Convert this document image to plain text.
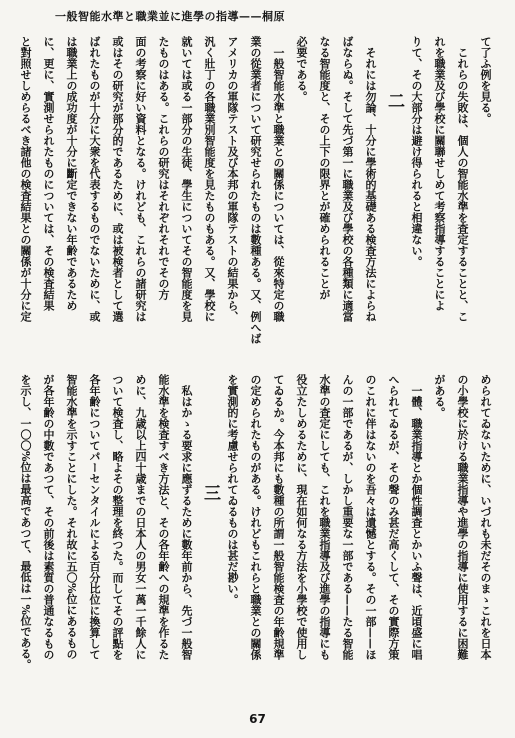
一般智能水準と職業並に進學の指導——桐原
て了ふ例を見る。
これらの失敗は、個人の智能水準を査定することと、こ
れを職業及び學校に關聯せしめて考察指導することによ
りて、その大部分は避け得られると相違ない。
二
それには勿論、十分に學術的基礎ある検査方法によらね
ばならぬ。そして先づ第一に職業及び學校の各種類に適當
なる智能度と、その上下の限界とが確められることが
必要である。
一般智能水準と職業との關係については、從來特定の職
業の從業者について研究せられたものは數種ある。又、例へば
アメリカの軍隊テスト及び本邦の軍隊テストの結果から、
汎く壯丁の各職業別智能度を見たものもある。又、學校に
就いては或る一部分の生徒、學生についてその智能度を見
たものはある。これらの研究はそれぞれそれでその方
面の考察に好い資料となる。けれども、これらの諸研究は
或はその研究が部分的であるために、或は被検者として選
ばれたものが十分に大衆を代表するものでないために、或
は職業上の成功度が十分に斷定できない年齢であるため
に、更に、實測せられたものについては、その検査結果
と對照せしめらるべき諸他の検査結果との關係が十分に定
められてゐないために、いづれも未だそのまゝこれを日本
の小學校に於ける職業指導や進學の指導に使用するに困難
がある。
一體、職業指導とか個性調査とかいふ聲は、近頃盛に唱
へられてゐるが、その聲のみ甚だ高くして、その實際方策
のこれに伴はないのを吾々は遺憾とする。その一部——ほ
んの一部であるが、しかし重要な一部である——たる智能
水準の査定にしても、これを職業指導及び進學の指導にも
役立たしめるために、現在如何なる方法を小學校で使用し
てゐるか。今本邦にも數種の所謂一般智能検査の年齢規準
の定められたものがある。けれどもこれらと職業との關係
を實測的に考慮せられてゐるものは甚だ尠い。
三
私はかゝる要求に應ずるために數年前から、先づ一般智
能水準を検査すべき方法と、その各年齢への規準を作るた
めに、九歳以上四十歳までの日本人の男女一萬一千餘人に
ついて検査し、略よその整理を終つた。而してその評點を
各年齢についてパーセンタイルによる百分比位に換算して
智能水準を示すことにした。それ故に五〇%位にあるもの
が各年齢の中數であつて、その前後は素質の普通なるもの
を示し、一〇〇%位は最高であつて、最低は一%位である。
67
